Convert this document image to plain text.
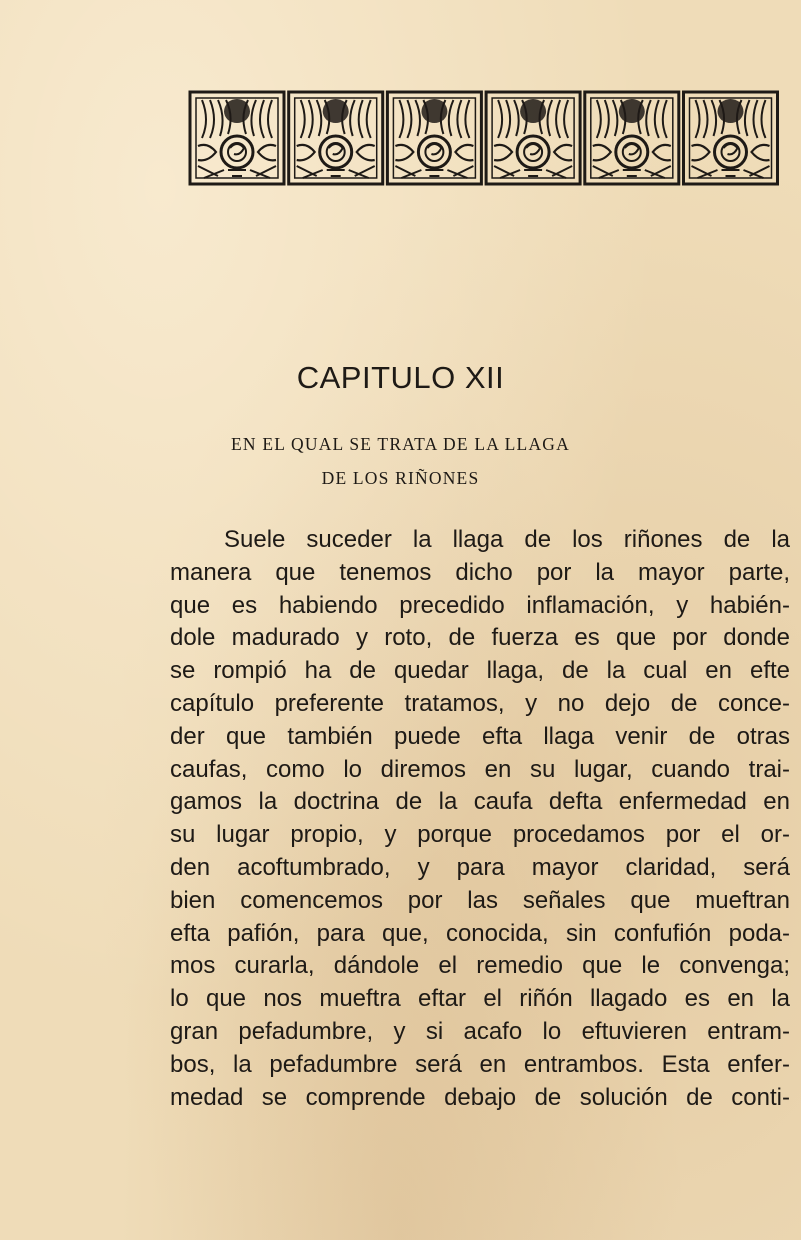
CAPITULO XII
EN EL QUAL SE TRATA DE LA LLAGA
DE LOS RIÑONES
Suele suceder la llaga de los riñones de la
manera que tenemos dicho por la mayor parte,
que es habiendo precedido inflamación, y habién-
dole madurado y roto, de fuerza es que por donde
se rompió ha de quedar llaga, de la cual en efte
capítulo preferente tratamos, y no dejo de conce-
der que también puede efta llaga venir de otras
caufas, como lo diremos en su lugar, cuando trai-
gamos la doctrina de la caufa defta enfermedad en
su lugar propio, y porque procedamos por el or-
den acoftumbrado, y para mayor claridad, será
bien comencemos por las señales que mueftran
efta pafión, para que, conocida, sin confufión poda-
mos curarla, dándole el remedio que le convenga;
lo que nos mueftra eftar el riñón llagado es en la
gran pefadumbre, y si acafo lo eftuvieren entram-
bos, la pefadumbre será en entrambos. Esta enfer-
medad se comprende debajo de solución de conti-
